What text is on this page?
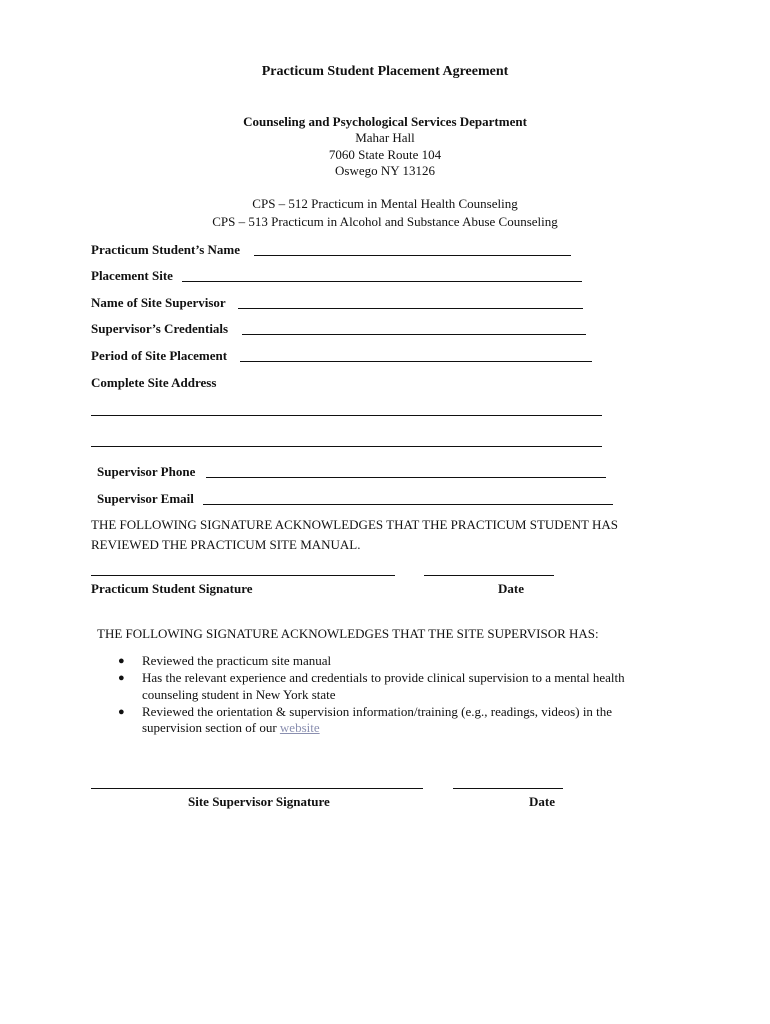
Practicum Student Placement Agreement
Counseling and Psychological Services Department
Mahar Hall
7060 State Route 104
Oswego NY 13126
CPS – 512 Practicum in Mental Health Counseling
CPS – 513 Practicum in Alcohol and Substance Abuse Counseling
Practicum Student’s Name
Placement Site
Name of Site Supervisor
Supervisor’s Credentials
Period of Site Placement
Complete Site Address
Supervisor Phone
Supervisor Email
THE FOLLOWING SIGNATURE ACKNOWLEDGES THAT THE PRACTICUM STUDENT HAS
REVIEWED THE PRACTICUM SITE MANUAL.
Practicum Student Signature	Date
THE FOLLOWING SIGNATURE ACKNOWLEDGES THAT THE SITE SUPERVISOR HAS:
● Reviewed the practicum site manual
● Has the relevant experience and credentials to provide clinical supervision to a mental health
counseling student in New York state
● Reviewed the orientation & supervision information/training (e.g., readings, videos) in the
supervision section of our website
Site Supervisor Signature	Date
